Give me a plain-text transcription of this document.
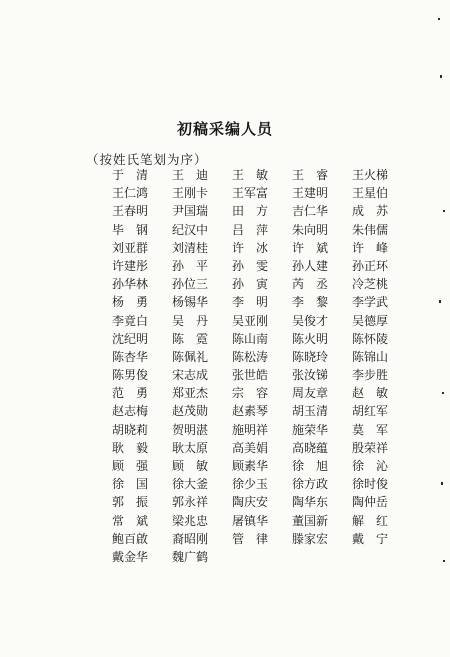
初稿采编人员
（按姓氏笔划为序）
于　清	王　迪	王　敏	王　睿	王火梯
王仁鸿	王刚卡	王军富	王建明	王星伯
王春明	尹国瑞	田　方	吉仁华	成　苏
毕　钢	纪汉中	吕　萍	朱向明	朱伟儒
刘亚群	刘清桂	许　冰	许　斌	许　峰
许建彤	孙　平	孙　雯	孙人建	孙正环
孙华林	孙位三	孙　寅	芮　丞	冷芝桃
杨　勇	杨锡华	李　明	李　黎	李学武
李竟白	吴　丹	吴亚刚	吴俊才	吴德厚
沈纪明	陈　霓	陈山南	陈火明	陈怀陵
陈杏华	陈佩礼	陈松涛	陈晓玲	陈锦山
陈男俊	宋志成	张世皓	张汝锑	李步胜
范　勇	郑亚杰	宗　容	周友章	赵　敏
赵志梅	赵茂勋	赵素琴	胡玉清	胡红军
胡晓莉	贺明湛	施明祥	施荣华	莫　军
耿　毅	耿太原	高美娟	高晓蕴	殷荣祥
顾　强	顾　敏	顾素华	徐　旭	徐　沁
徐　国	徐大釜	徐少玉	徐方政	徐时俊
郭　振	郭永祥	陶庆安	陶华东	陶仲岳
常　斌	梁兆忠	屠镇华	董国新	解　红
鲍百啟	裔昭刚	管　律	滕家宏	戴　宁
戴金华	魏广鹤
